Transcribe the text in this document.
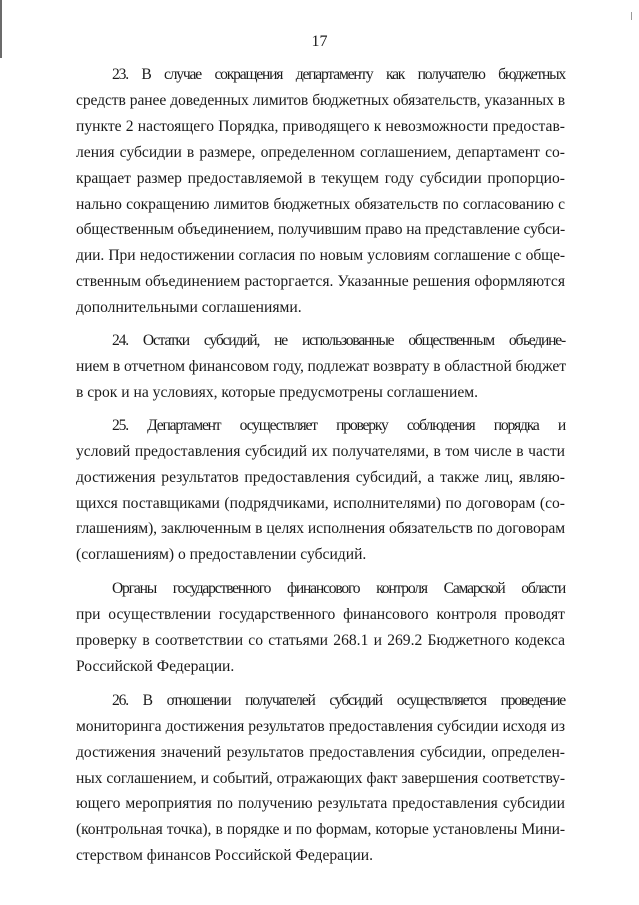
17

23. В случае сокращения департаменту как получателю бюджетных
средств ранее доведенных лимитов бюджетных обязательств, указанных в
пункте 2 настоящего Порядка, приводящего к невозможности предостав-
ления субсидии в размере, определенном соглашением, департамент со-
кращает размер предоставляемой в текущем году субсидии пропорцио-
нально сокращению лимитов бюджетных обязательств по согласованию с
общественным объединением, получившим право на представление субси-
дии. При недостижении согласия по новым условиям соглашение с обще-
ственным объединением расторгается. Указанные решения оформляются
дополнительными соглашениями.

24. Остатки субсидий, не использованные общественным объедине-
нием в отчетном финансовом году, подлежат возврату в областной бюджет
в срок и на условиях, которые предусмотрены соглашением.

25. Департамент осуществляет проверку соблюдения порядка и
условий предоставления субсидий их получателями, в том числе в части
достижения результатов предоставления субсидий, а также лиц, являю-
щихся поставщиками (подрядчиками, исполнителями) по договорам (со-
глашениям), заключенным в целях исполнения обязательств по договорам
(соглашениям) о предоставлении субсидий.

Органы государственного финансового контроля Самарской области
при осуществлении государственного финансового контроля проводят
проверку в соответствии со статьями 268.1 и 269.2 Бюджетного кодекса
Российской Федерации.

26. В отношении получателей субсидий осуществляется проведение
мониторинга достижения результатов предоставления субсидии исходя из
достижения значений результатов предоставления субсидии, определен-
ных соглашением, и событий, отражающих факт завершения соответству-
ющего мероприятия по получению результата предоставления субсидии
(контрольная точка), в порядке и по формам, которые установлены Мини-
стерством финансов Российской Федерации.
